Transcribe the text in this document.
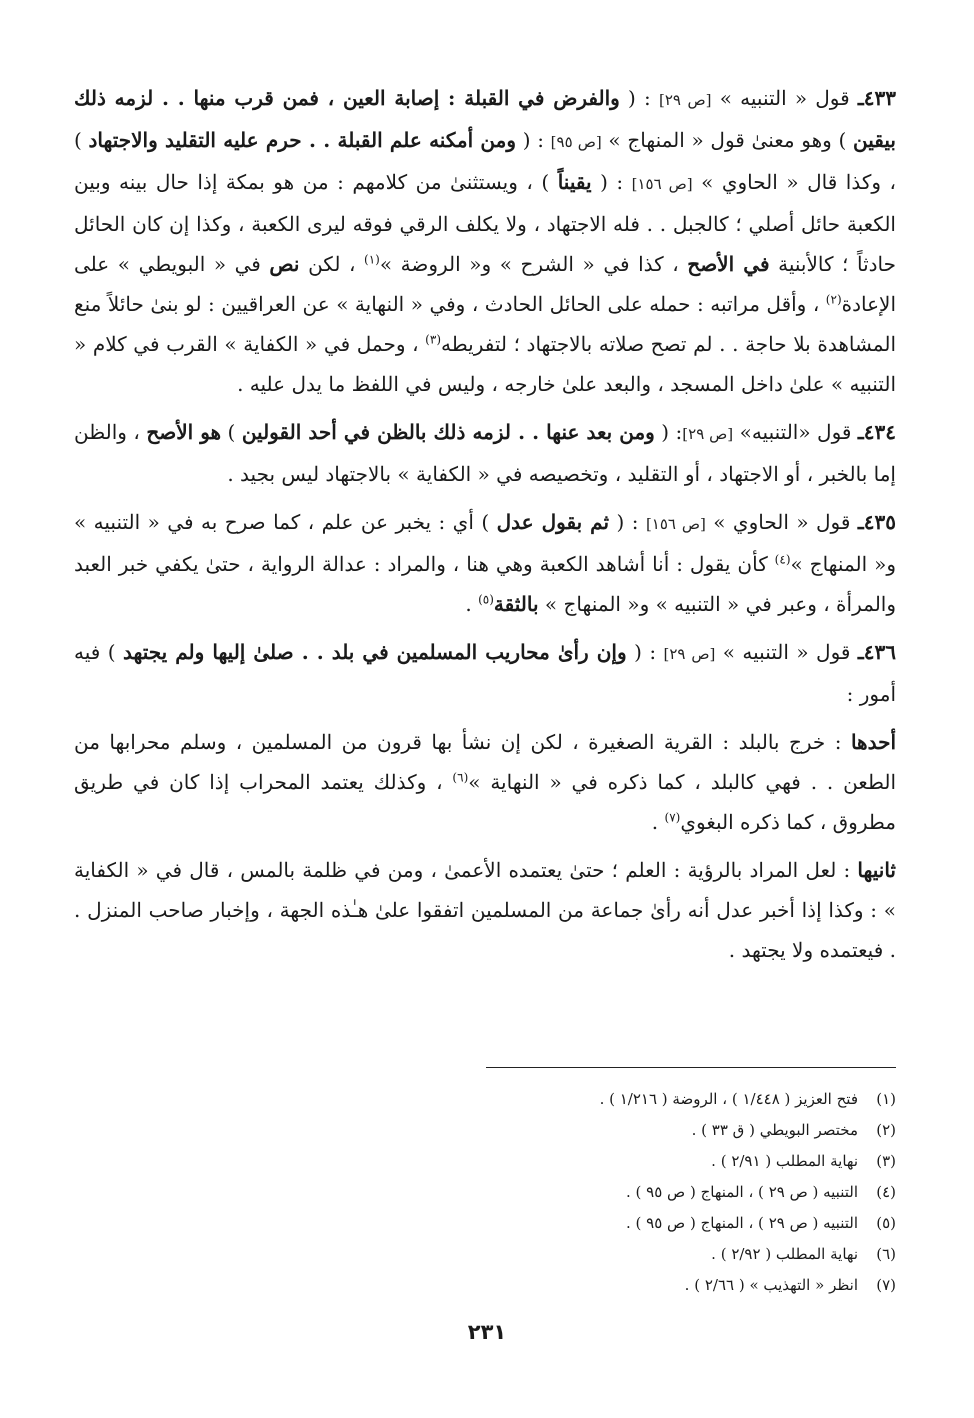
٤٣٣ـ قول « التنبيه » [ص ٢٩] : ( والفرض في القبلة : إصابة العين ، فمن قرب منها . . لزمه ذلك بيقين ) وهو معنىٰ قول « المنهاج » [ص ٩٥] : ( ومن أمكنه علم القبلة . . حرم عليه التقليد والاجتهاد ) ، وكذا قال « الحاوي » [ص ١٥٦] : ( يقيناً ) ، ويستثنىٰ من كلامهم : من هو بمكة إذا حال بينه وبين الكعبة حائل أصلي ؛ كالجبل . . فله الاجتهاد ، ولا يكلف الرقي فوقه ليرى الكعبة ، وكذا إن كان الحائل حادثاً ؛ كالأبنية في الأصح ، كذا في « الشرح » و« الروضة »$^{(١)}$ ، لكن نص في « البويطي » على الإعادة$^{(٢)}$ ، وأقل مراتبه : حمله على الحائل الحادث ، وفي « النهاية » عن العراقيين : لو بنىٰ حائلاً منع المشاهدة بلا حاجة . . لم تصح صلاته بالاجتهاد ؛ لتفريطه$^{(٣)}$ ، وحمل في « الكفاية » القرب في كلام « التنبيه » علىٰ داخل المسجد ، والبعد علىٰ خارجه ، وليس في اللفظ ما يدل عليه .

٤٣٤ـ قول «التنبيه» [ص ٢٩]: ( ومن بعد عنها . . لزمه ذلك بالظن في أحد القولين ) هو الأصح ، والظن إما بالخبر ، أو الاجتهاد ، أو التقليد ، وتخصيصه في « الكفاية » بالاجتهاد ليس بجيد .

٤٣٥ـ قول « الحاوي » [ص ١٥٦] : ( ثم بقول عدل ) أي : يخبر عن علم ، كما صرح به في « التنبيه » و« المنهاج »$^{(٤)}$ كأن يقول : أنا أشاهد الكعبة وهي هنا ، والمراد : عدالة الرواية ، حتىٰ يكفي خبر العبد والمرأة ، وعبر في « التنبيه » و« المنهاج » بالثقة$^{(٥)}$ .

٤٣٦ـ قول « التنبيه » [ص ٢٩] : ( وإن رأىٰ محاريب المسلمين في بلد . . صلىٰ إليها ولم يجتهد ) فيه أمور :

أحدها : خرج بالبلد : القرية الصغيرة ، لكن إن نشأ بها قرون من المسلمين ، وسلم محرابها من الطعن . . فهي كالبلد ، كما ذكره في « النهاية »$^{(٦)}$ ، وكذلك يعتمد المحراب إذا كان في طريق مطروق ، كما ذكره البغوي$^{(٧)}$ .

ثانيها : لعل المراد بالرؤية : العلم ؛ حتىٰ يعتمده الأعمىٰ ، ومن في ظلمة بالمس ، قال في « الكفاية » : وكذا إذا أخبر عدل أنه رأىٰ جماعة من المسلمين اتفقوا علىٰ هـٰذه الجهة ، وإخبار صاحب المنزل . . فيعتمده ولا يجتهد .

(١)
فتح العزيز ( ١/٤٤٨ ) ، الروضة ( ١/٢١٦ ) .
(٢)
مختصر البويطي ( ق ٣٣ ) .
(٣)
نهاية المطلب ( ٢/٩١ ) .
(٤)
التنبيه ( ص ٢٩ ) ، المنهاج ( ص ٩٥ ) .
(٥)
التنبيه ( ص ٢٩ ) ، المنهاج ( ص ٩٥ ) .
(٦)
نهاية المطلب ( ٢/٩٢ ) .
(٧)
انظر « التهذيب » ( ٢/٦٦ ) .
٢٣١
